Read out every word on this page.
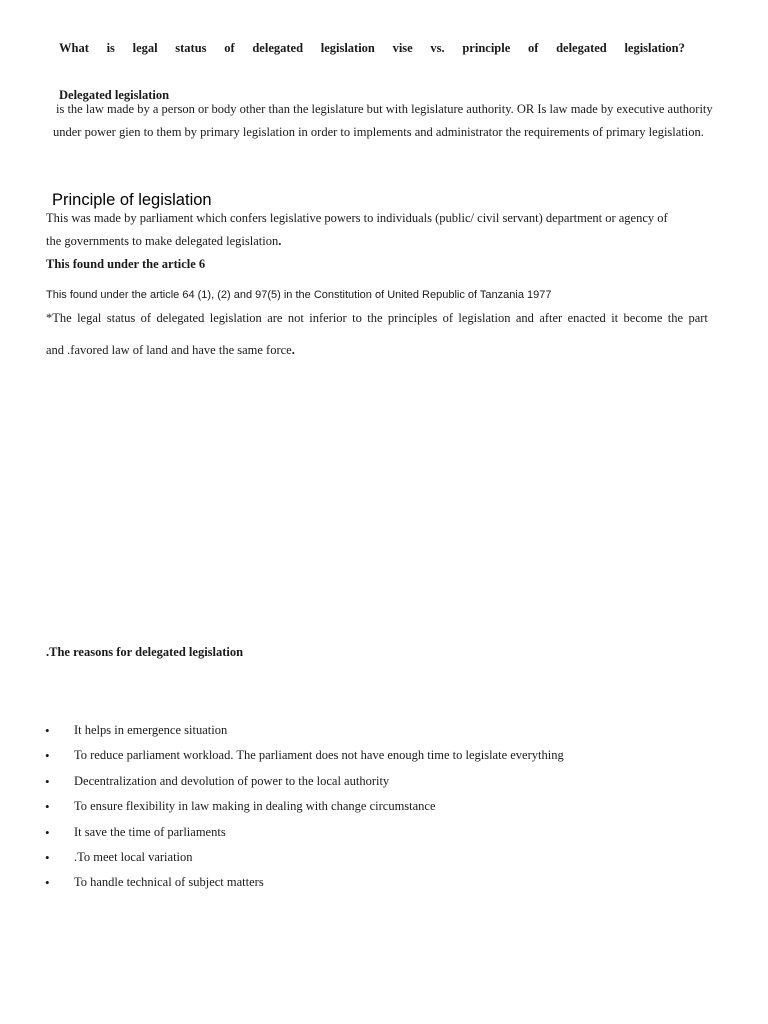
What is legal status of delegated legislation vise vs. principle of delegated legislation?
Delegated legislation
is the law made by a person or body other than the legislature but with legislature authority. OR Is law made by executive authority
under power gien to them by primary legislation in order to implements and administrator the requirements of primary legislation.
Principle of legislation
This was made by parliament which confers legislative powers to individuals (public/ civil servant) department or agency of
the governments to make delegated legislation.
This found under the article 6
This found under the article 64 (1), (2) and 97(5) in the Constitution of United Republic of Tanzania 1977
*The legal status of delegated legislation are not inferior to the principles of legislation and after enacted it become the part
and .favored law of land and have the same force.
.The reasons for delegated legislation
• It helps in emergence situation
• To reduce parliament workload. The parliament does not have enough time to legislate everything
• Decentralization and devolution of power to the local authority
• To ensure flexibility in law making in dealing with change circumstance
• It save the time of parliaments
• .To meet local variation
• To handle technical of subject matters
